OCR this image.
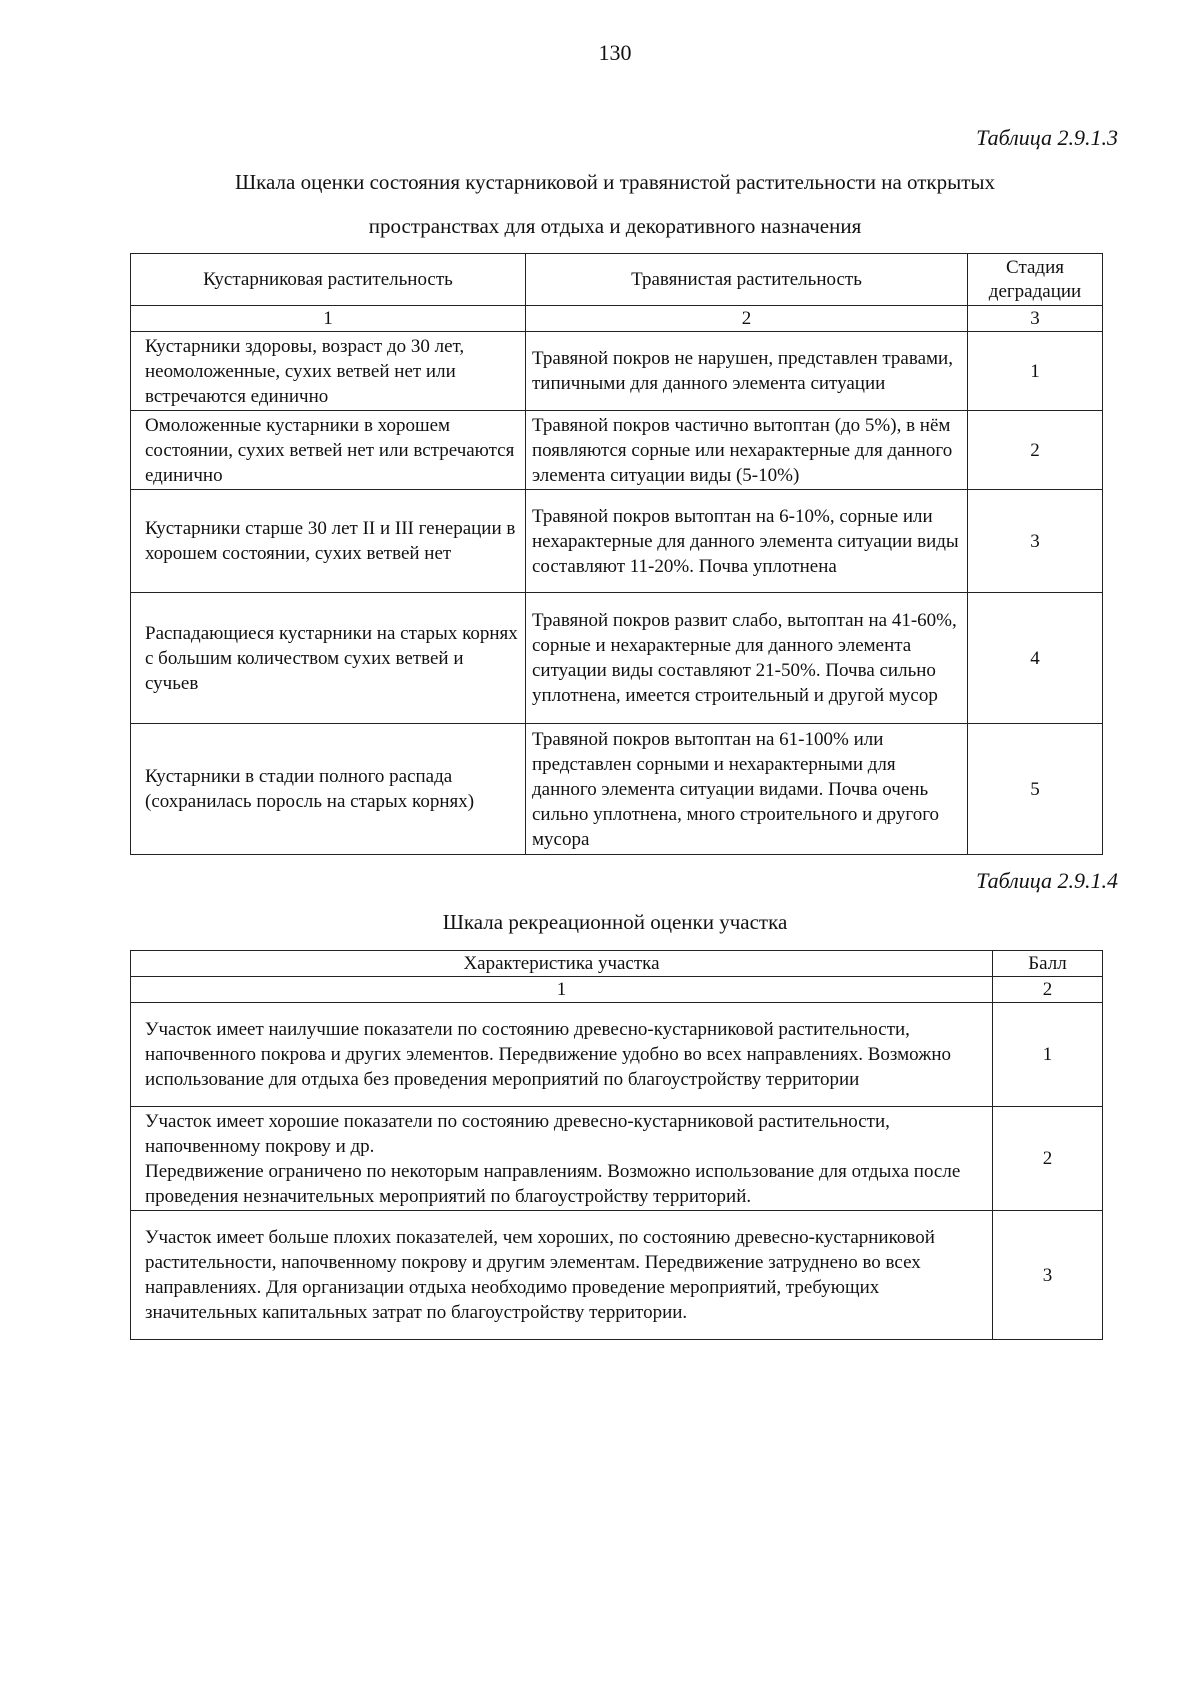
130
Таблица 2.9.1.3
Шкала оценки состояния кустарниковой и травянистой растительности на открытых
пространствах для отдыха и декоративного назначения
Кустарниковая растительность	Травянистая растительность	Стадия деградации
1	2	3
Кустарники здоровы, возраст до 30 лет, неомоложенные, сухих ветвей нет или встречаются единично	Травяной покров не нарушен, представлен травами, типичными для данного элемента ситуации	1
Омоложенные кустарники в хорошем состоянии, сухих ветвей нет или встречаются единично	Травяной покров частично вытоптан (до 5%), в нём появляются сорные или нехарактерные для данного элемента ситуации виды (5-10%)	2
Кустарники старше 30 лет II и III генерации в хорошем состоянии, сухих ветвей нет	Травяной покров вытоптан на 6-10%, сорные или нехарактерные для данного элемента ситуации виды составляют 11-20%. Почва уплотнена	3
Распадающиеся кустарники на старых корнях с большим количеством сухих ветвей и сучьев	Травяной покров развит слабо, вытоптан на 41-60%, сорные и нехарактерные для данного элемента ситуации виды составляют 21-50%. Почва сильно уплотнена, имеется строительный и другой мусор	4
Кустарники в стадии полного распада (сохранилась поросль на старых корнях)	Травяной покров вытоптан на 61-100% или представлен сорными и нехарактерными для данного элемента ситуации видами. Почва очень сильно уплотнена, много строительного и другого мусора	5
Таблица 2.9.1.4
Шкала рекреационной оценки участка
Характеристика участка	Балл
1	2
Участок имеет наилучшие показатели по состоянию древесно-кустарниковой растительности, напочвенного покрова и других элементов. Передвижение удобно во всех направлениях. Возможно использование для отдыха без проведения мероприятий по благоустройству территории	1

Участок имеет хорошие показатели по состоянию древесно-кустарниковой растительности, напочвенному покрову и др.
Передвижение ограничено по некоторым направлениям. Возможно использование для отдыха после проведения незначительных мероприятий по благоустройству территорий.	2
Участок имеет больше плохих показателей, чем хороших, по состоянию древесно-кустарниковой растительности, напочвенному покрову и другим элементам. Передвижение затруднено во всех направлениях. Для организации отдыха необходимо проведение мероприятий, требующих значительных капитальных затрат по благоустройству территории.	3
